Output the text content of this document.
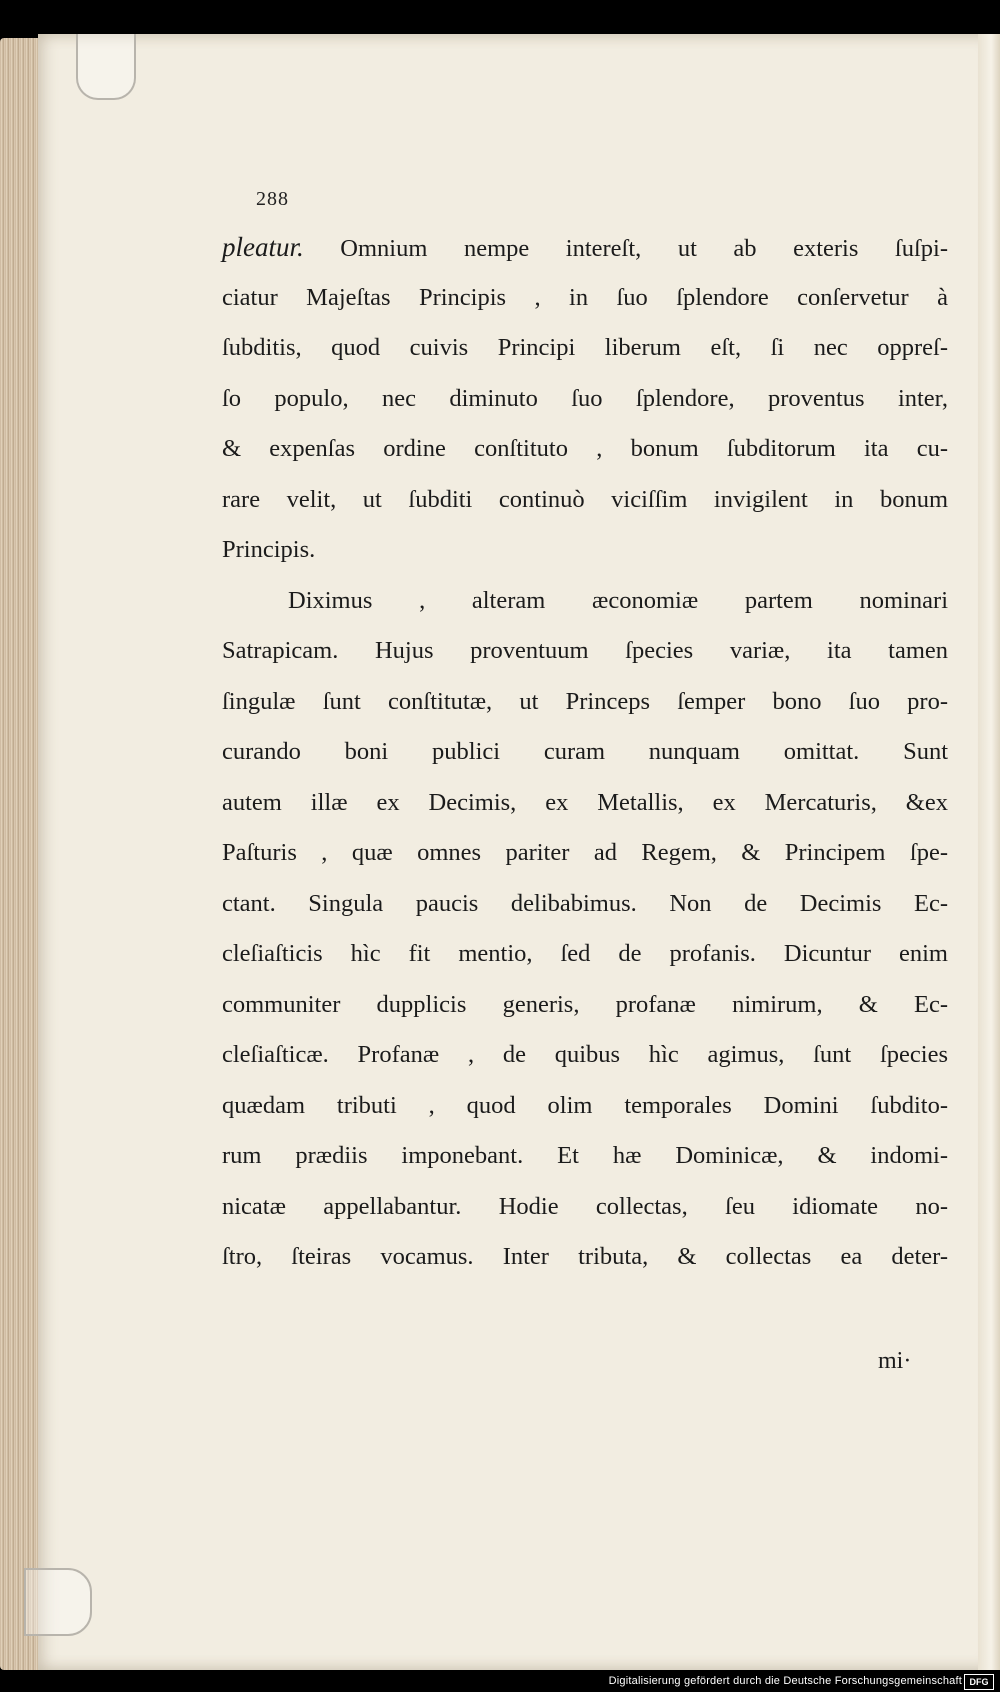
288
pleatur. Omnium nempe intereſt, ut ab exteris ſuſpi-
ciatur Majeſtas Principis , in ſuo ſplendore conſervetur à
ſubditis, quod cuivis Principi liberum eſt, ſi nec oppreſ-
ſo populo, nec diminuto ſuo ſplendore, proventus inter,
& expenſas ordine conſtituto , bonum ſubditorum ita cu-
rare velit, ut ſubditi continuò viciſſim invigilent in bonum
Principis.
Diximus , alteram æconomiæ partem nominari
Satrapicam. Hujus proventuum ſpecies variæ, ita tamen
ſingulæ ſunt conſtitutæ, ut Princeps ſemper bono ſuo pro-
curando boni publici curam nunquam omittat. Sunt
autem illæ ex Decimis, ex Metallis, ex Mercaturis, &ex
Paſturis , quæ omnes pariter ad Regem, & Principem ſpe-
ctant. Singula paucis delibabimus. Non de Decimis Ec-
cleſiaſticis hìc fit mentio, ſed de profanis. Dicuntur enim
communiter dupplicis generis, profanæ nimirum, & Ec-
cleſiaſticæ. Profanæ , de quibus hìc agimus, ſunt ſpecies
quædam tributi , quod olim temporales Domini ſubdito-
rum prædiis imponebant. Et hæ Dominicæ, & indomi-
nicatæ appellabantur. Hodie collectas, ſeu idiomate no-
ſtro, ſteiras vocamus. Inter tributa, & collectas ea deter-
mi·
Digitalisierung gefördert durch die Deutsche Forschungsgemeinschaft DFG
